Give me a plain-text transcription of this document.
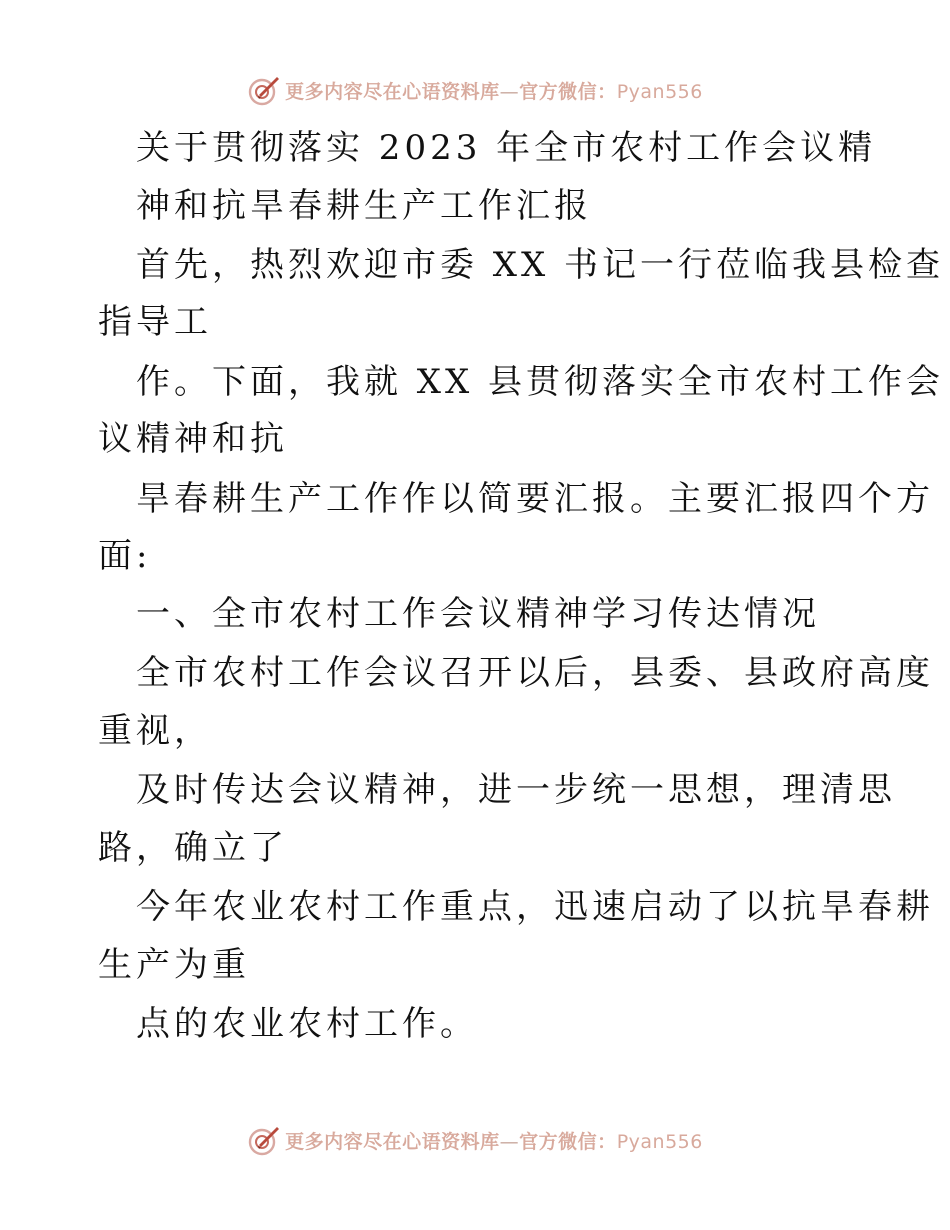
更多内容尽在心语资料库—官方微信：Pyan556
关于贯彻落实 2023 年全市农村工作会议精
神和抗旱春耕生产工作汇报
首先，热烈欢迎市委 XX 书记一行莅临我县检查
指导工
作。下面，我就 XX 县贯彻落实全市农村工作会
议精神和抗
旱春耕生产工作作以简要汇报。主要汇报四个方
面:
一、全市农村工作会议精神学习传达情况
全市农村工作会议召开以后，县委、县政府高度
重视，
及时传达会议精神，进一步统一思想，理清思
路，确立了
今年农业农村工作重点，迅速启动了以抗旱春耕
生产为重
点的农业农村工作。
更多内容尽在心语资料库—官方微信：Pyan556
